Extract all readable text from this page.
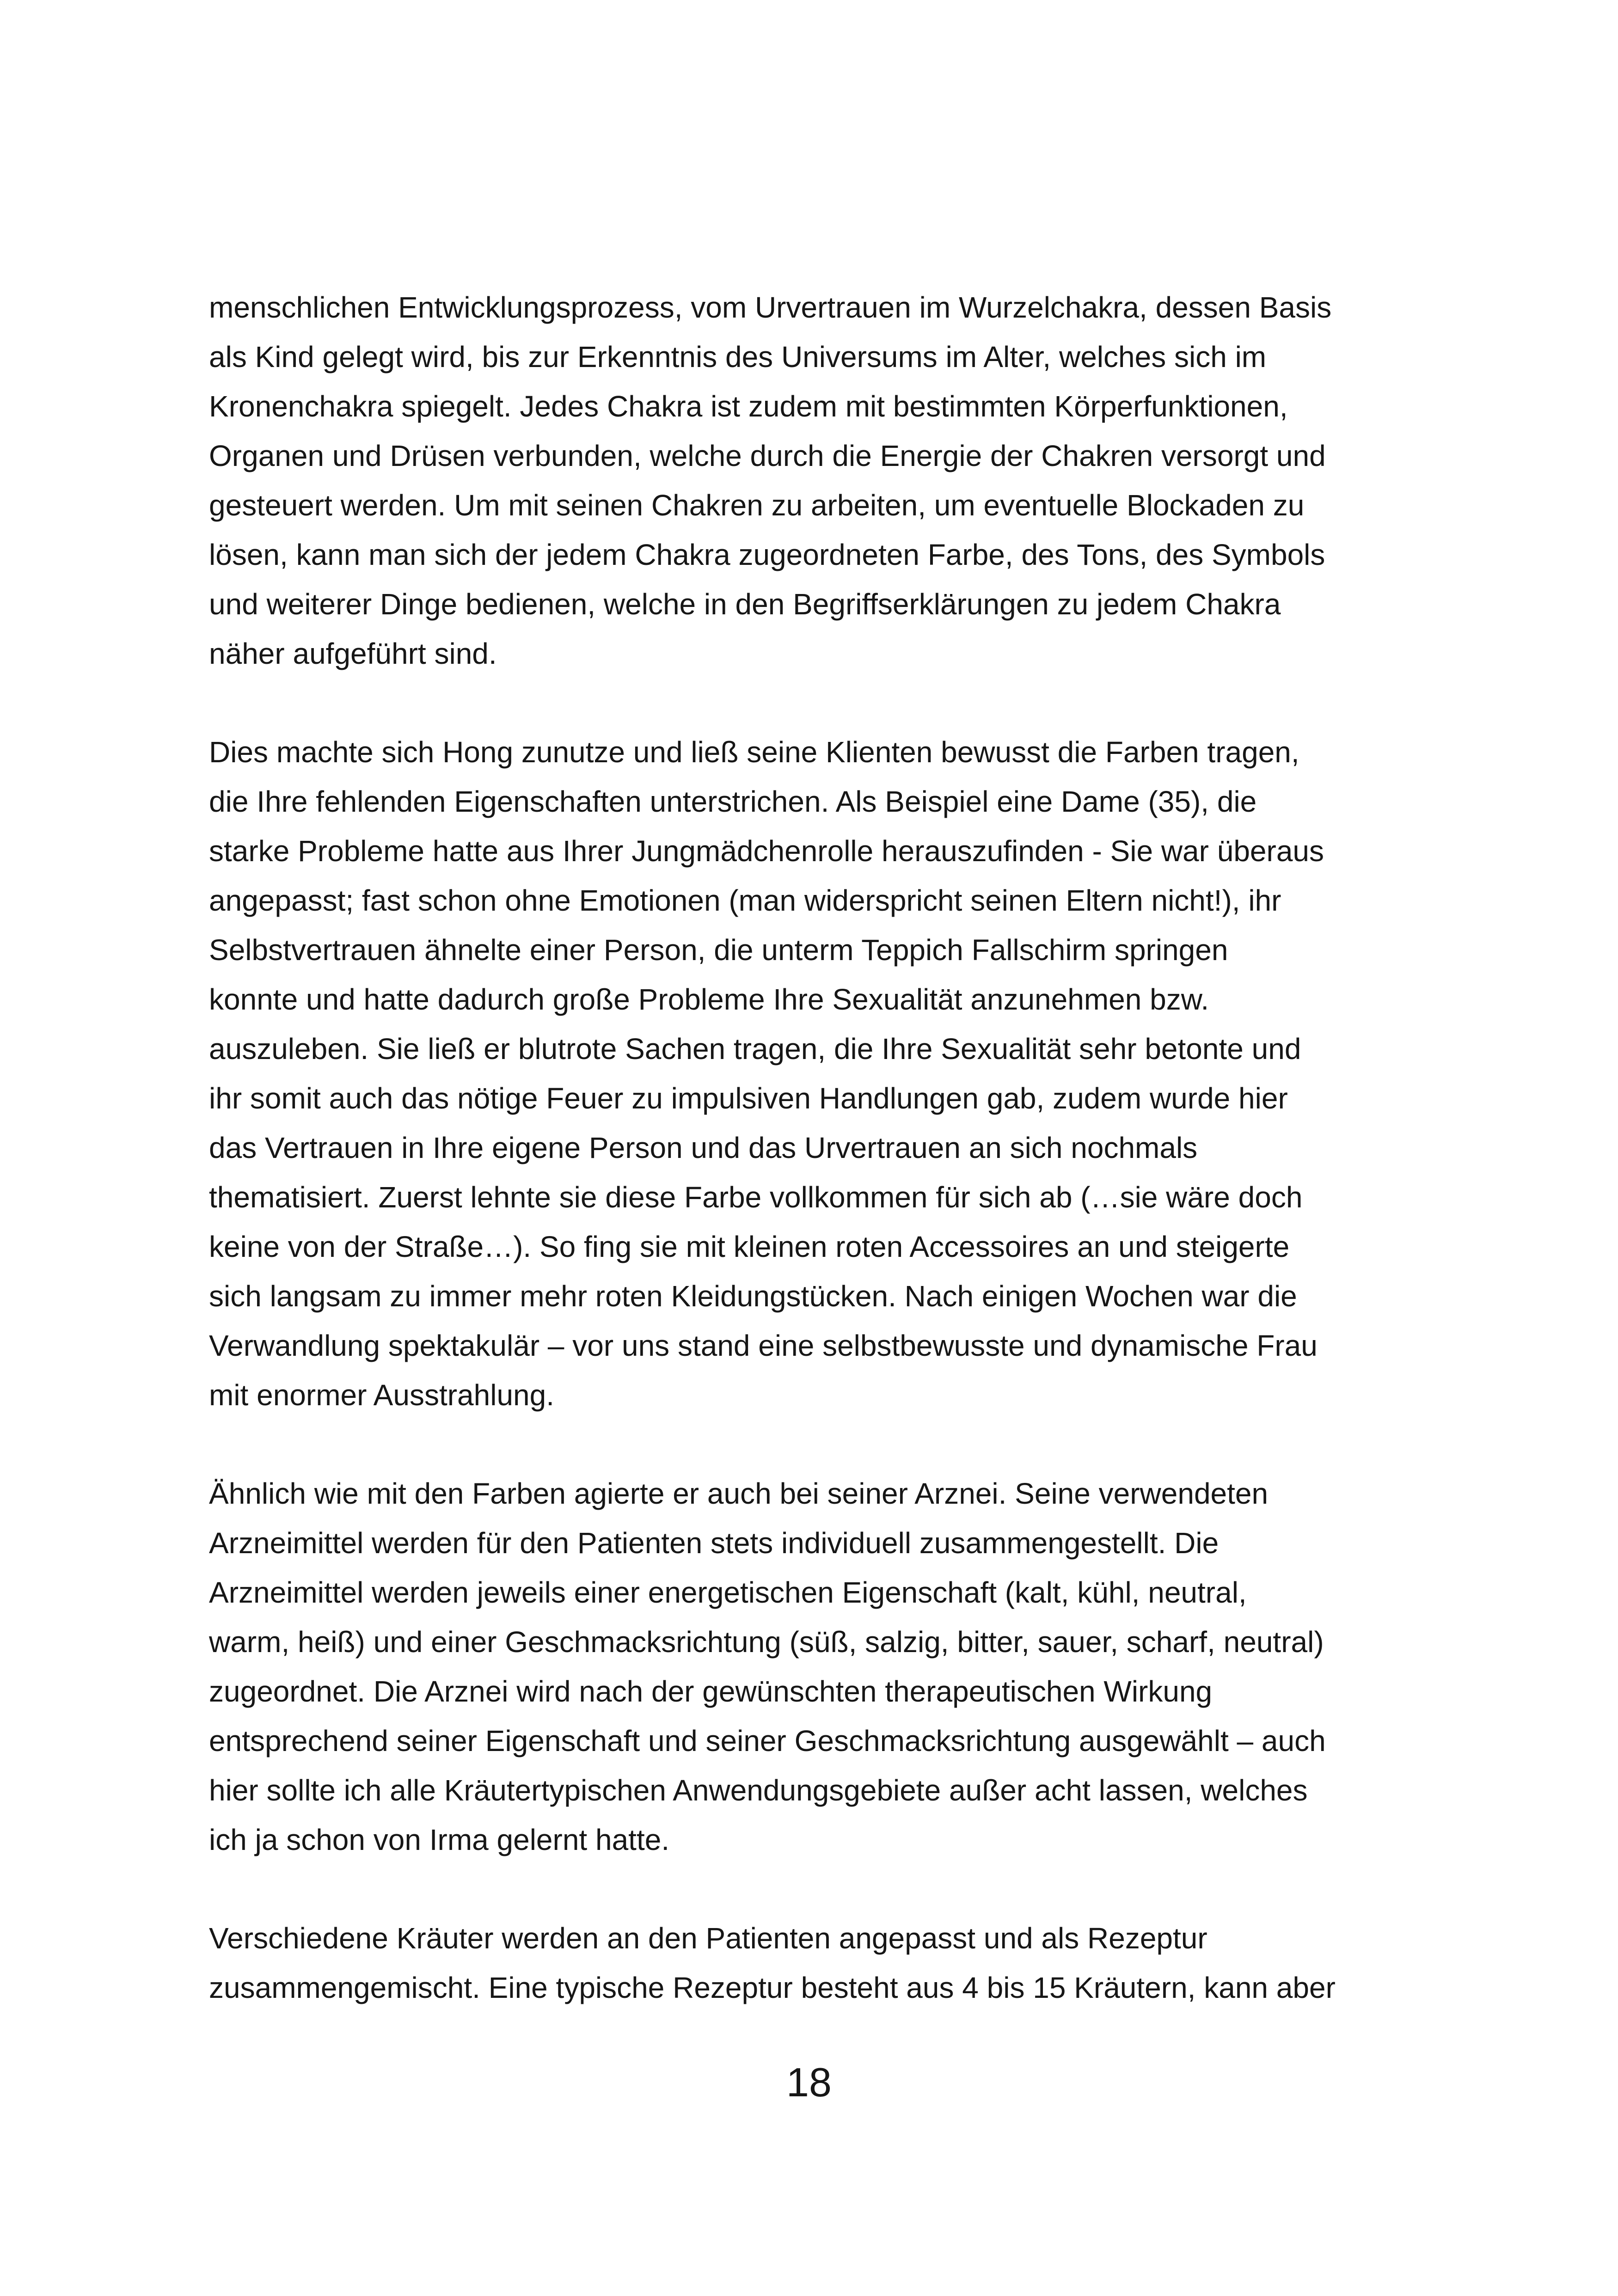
menschlichen Entwicklungsprozess, vom Urvertrauen im Wurzelchakra, dessen Basis
als Kind gelegt wird, bis zur Erkenntnis des Universums im Alter, welches sich im
Kronenchakra spiegelt. Jedes Chakra ist zudem mit bestimmten Körperfunktionen,
Organen und Drüsen verbunden, welche durch die Energie der Chakren versorgt und
gesteuert werden. Um mit seinen Chakren zu arbeiten, um eventuelle Blockaden zu
lösen, kann man sich der jedem Chakra zugeordneten Farbe, des Tons, des Symbols
und weiterer Dinge bedienen, welche in den Begriffserklärungen zu jedem Chakra
näher aufgeführt sind.

Dies machte sich Hong zunutze und ließ seine Klienten bewusst die Farben tragen,
die Ihre fehlenden Eigenschaften unterstrichen. Als Beispiel eine Dame (35), die
starke Probleme hatte aus Ihrer Jungmädchenrolle herauszufinden - Sie war überaus
angepasst; fast schon ohne Emotionen (man widerspricht seinen Eltern nicht!), ihr
Selbstvertrauen ähnelte einer Person, die unterm Teppich Fallschirm springen
konnte und hatte dadurch große Probleme Ihre Sexualität anzunehmen bzw.
auszuleben. Sie ließ er blutrote Sachen tragen, die Ihre Sexualität sehr betonte und
ihr somit auch das nötige Feuer zu impulsiven Handlungen gab, zudem wurde hier
das Vertrauen in Ihre eigene Person und das Urvertrauen an sich nochmals
thematisiert. Zuerst lehnte sie diese Farbe vollkommen für sich ab (…sie wäre doch
keine von der Straße…). So fing sie mit kleinen roten Accessoires an und steigerte
sich langsam zu immer mehr roten Kleidungstücken. Nach einigen Wochen war die
Verwandlung spektakulär – vor uns stand eine selbstbewusste und dynamische Frau
mit enormer Ausstrahlung.

Ähnlich wie mit den Farben agierte er auch bei seiner Arznei. Seine verwendeten
Arzneimittel werden für den Patienten stets individuell zusammengestellt. Die
Arzneimittel werden jeweils einer energetischen Eigenschaft (kalt, kühl, neutral,
warm, heiß) und einer Geschmacksrichtung (süß, salzig, bitter, sauer, scharf, neutral)
zugeordnet. Die Arznei wird nach der gewünschten therapeutischen Wirkung
entsprechend seiner Eigenschaft und seiner Geschmacksrichtung ausgewählt – auch
hier sollte ich alle Kräutertypischen Anwendungsgebiete außer acht lassen, welches
ich ja schon von Irma gelernt hatte.

Verschiedene Kräuter werden an den Patienten angepasst und als Rezeptur
zusammengemischt. Eine typische Rezeptur besteht aus 4 bis 15 Kräutern, kann aber

18
